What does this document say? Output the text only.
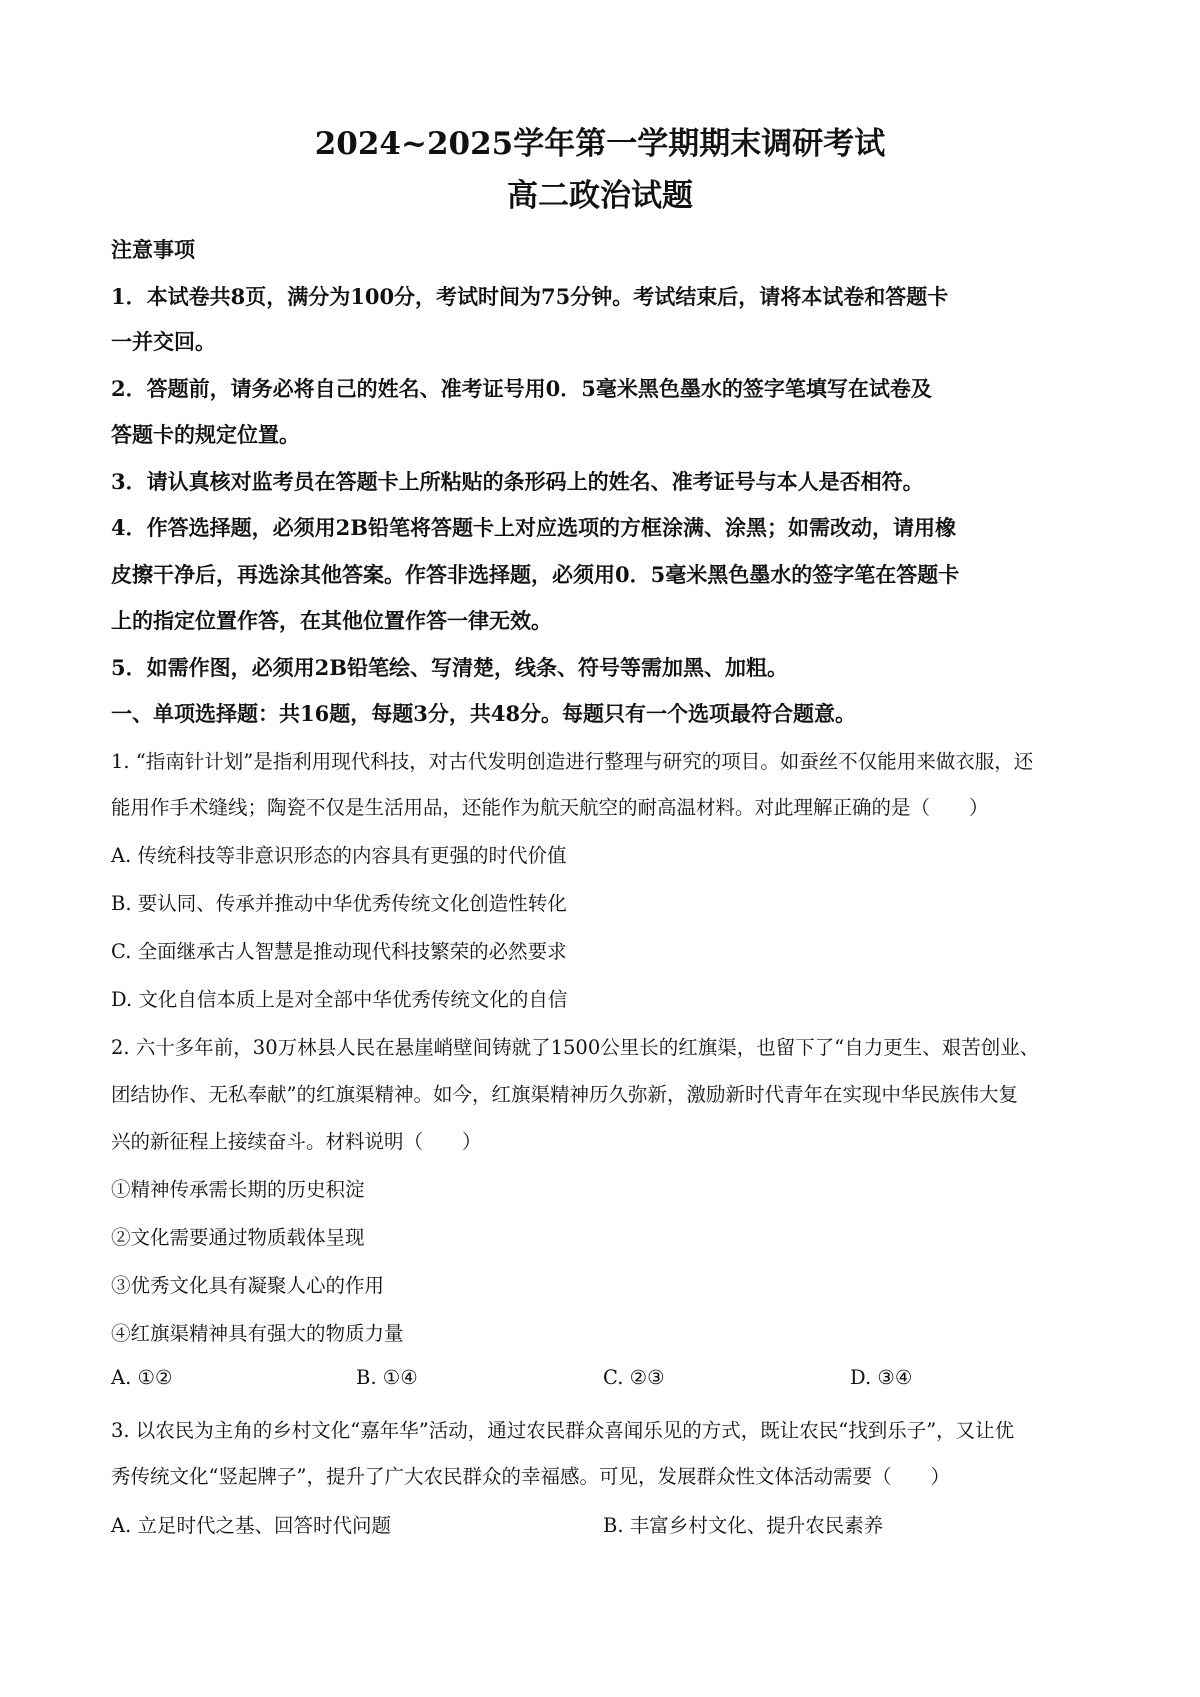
2024~2025学年第一学期期末调研考试
高二政治试题
注意事项
1．本试卷共8页，满分为100分，考试时间为75分钟。考试结束后，请将本试卷和答题卡
一并交回。
2．答题前，请务必将自己的姓名、准考证号用0．5毫米黑色墨水的签字笔填写在试卷及
答题卡的规定位置。
3．请认真核对监考员在答题卡上所粘贴的条形码上的姓名、准考证号与本人是否相符。
4．作答选择题，必须用2B铅笔将答题卡上对应选项的方框涂满、涂黑；如需改动，请用橡
皮擦干净后，再选涂其他答案。作答非选择题，必须用0．5毫米黑色墨水的签字笔在答题卡
上的指定位置作答，在其他位置作答一律无效。
5．如需作图，必须用2B铅笔绘、写清楚，线条、符号等需加黑、加粗。
一、单项选择题：共16题，每题3分，共48分。每题只有一个选项最符合题意。
1. “指南针计划”是指利用现代科技，对古代发明创造进行整理与研究的项目。如蚕丝不仅能用来做衣服，还
能用作手术缝线；陶瓷不仅是生活用品，还能作为航天航空的耐高温材料。对此理解正确的是（　　）
A. 传统科技等非意识形态的内容具有更强的时代价值
B. 要认同、传承并推动中华优秀传统文化创造性转化
C. 全面继承古人智慧是推动现代科技繁荣的必然要求
D. 文化自信本质上是对全部中华优秀传统文化的自信
2. 六十多年前，30万林县人民在悬崖峭壁间铸就了1500公里长的红旗渠，也留下了“自力更生、艰苦创业、
团结协作、无私奉献”的红旗渠精神。如今，红旗渠精神历久弥新，激励新时代青年在实现中华民族伟大复
兴的新征程上接续奋斗。材料说明（　　）
①精神传承需长期的历史积淀
②文化需要通过物质载体呈现
③优秀文化具有凝聚人心的作用
④红旗渠精神具有强大的物质力量
A. ①②	B. ①④	C. ②③	D. ③④
3. 以农民为主角的乡村文化“嘉年华”活动，通过农民群众喜闻乐见的方式，既让农民“找到乐子”，又让优
秀传统文化“竖起牌子”，提升了广大农民群众的幸福感。可见，发展群众性文体活动需要（　　）
A. 立足时代之基、回答时代问题	B. 丰富乡村文化、提升农民素养
